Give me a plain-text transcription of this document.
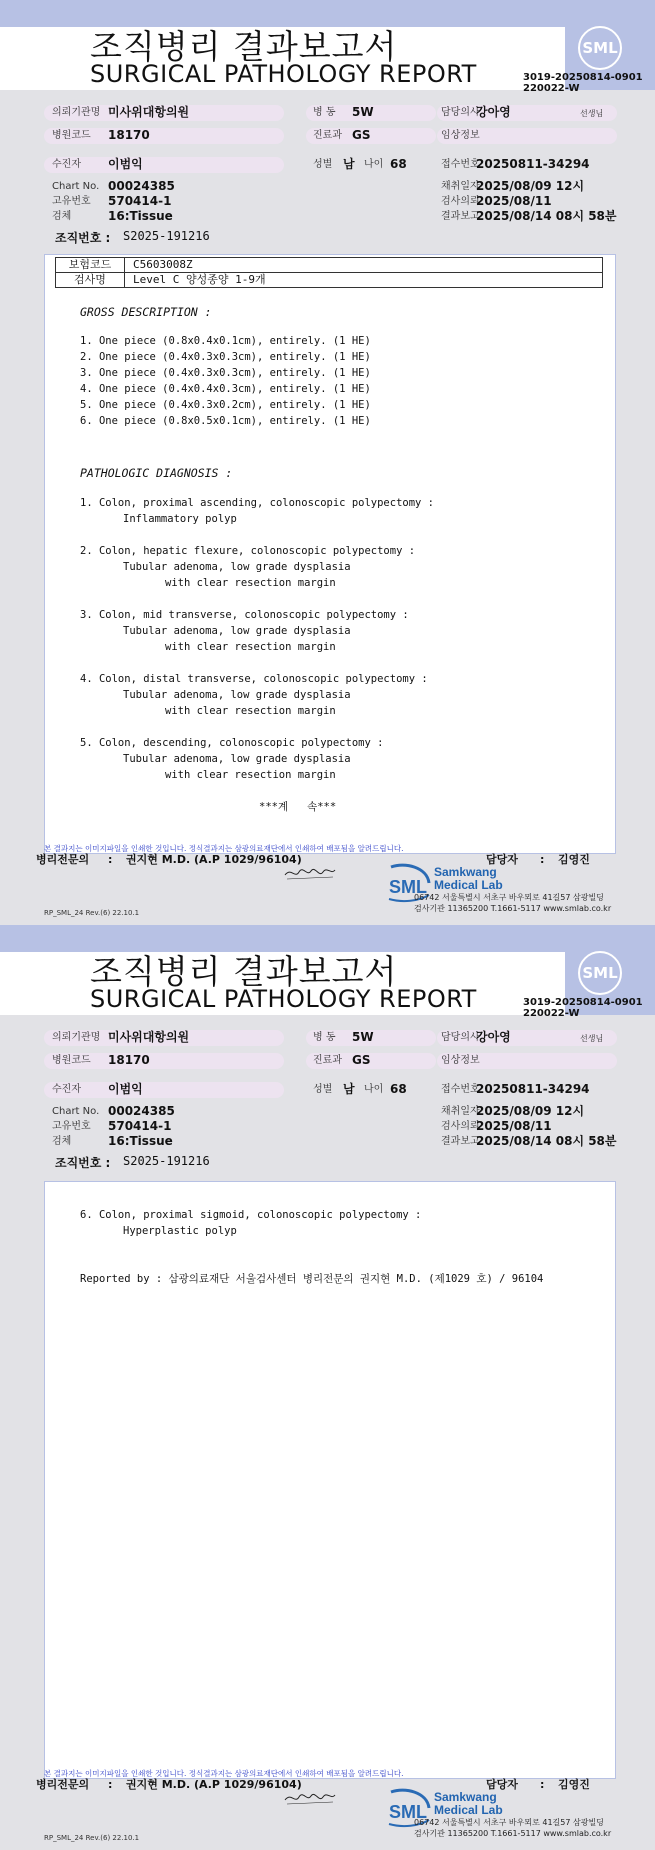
SML
조직병리 결과보고서
SURGICAL PATHOLOGY REPORT	3019-20250814-0901
220022-W
의뢰기관명 미사위대항의원
병원코드 18170
수진자 이범익
병 동 5W
진료과 GS
성별 남 나이 68
담당의사
강아영	선생님
임상정보
접수번호
20250811-34294
Chart No. 00024385
고유번호 570414-1
검체	16:Tissue
채취일자
2025/08/09 12시
검사의뢰
2025/08/11
결과보고
2025/08/14 08시 58분
조직번호 : S2025-191216
보험코드	C5603008Z
검사명	Level C 양성종양 1-9개
GROSS DESCRIPTION :
1. One piece (0.8x0.4x0.1cm), entirely. (1 HE)
2. One piece (0.4x0.3x0.3cm), entirely. (1 HE)
3. One piece (0.4x0.3x0.3cm), entirely. (1 HE)
4. One piece (0.4x0.4x0.3cm), entirely. (1 HE)
5. One piece (0.4x0.3x0.2cm), entirely. (1 HE)
6. One piece (0.8x0.5x0.1cm), entirely. (1 HE)
PATHOLOGIC DIAGNOSIS :
1. Colon, proximal ascending, colonoscopic polypectomy :
Inflammatory polyp
2. Colon, hepatic flexure, colonoscopic polypectomy :
Tubular adenoma, low grade dysplasia
with clear resection margin
3. Colon, mid transverse, colonoscopic polypectomy :
Tubular adenoma, low grade dysplasia
with clear resection margin
4. Colon, distal transverse, colonoscopic polypectomy :
Tubular adenoma, low grade dysplasia
with clear resection margin
5. Colon, descending, colonoscopic polypectomy :
Tubular adenoma, low grade dysplasia
with clear resection margin
***계   속***
본 결과지는 이미지파일을 인쇄한 것입니다. 정식결과지는 삼광의료재단에서 인쇄하여 배포됨을 알려드립니다.
병리전문의 : 권지현 M.D. (A.P 1029/96104)	담당자 : 김영진
SML
Samkwang
Medical Lab
06742 서울특별시 서초구 바우뫼로 41길57 삼광빌딩
검사기관 11365200 T.1661-5117 www.smlab.co.kr
RP_SML_24 Rev.(6) 22.10.1
SML
조직병리 결과보고서
SURGICAL PATHOLOGY REPORT	3019-20250814-0901
220022-W
의뢰기관명 미사위대항의원
병원코드 18170
수진자 이범익
병 동 5W
진료과 GS
성별 남 나이 68
담당의사
강아영	선생님
임상정보
접수번호
20250811-34294
Chart No. 00024385
고유번호 570414-1
검체	16:Tissue
채취일자
2025/08/09 12시
검사의뢰
2025/08/11
결과보고
2025/08/14 08시 58분
조직번호 : S2025-191216
6. Colon, proximal sigmoid, colonoscopic polypectomy :
Hyperplastic polyp
Reported by : 삼광의료재단 서울검사센터 병리전문의 권지현 M.D. (제1029 호) / 96104
본 결과지는 이미지파일을 인쇄한 것입니다. 정식결과지는 삼광의료재단에서 인쇄하여 배포됨을 알려드립니다.
병리전문의 : 권지현 M.D. (A.P 1029/96104)	담당자 : 김영진
SML
Samkwang
Medical Lab
06742 서울특별시 서초구 바우뫼로 41길57 삼광빌딩
검사기관 11365200 T.1661-5117 www.smlab.co.kr
RP_SML_24 Rev.(6) 22.10.1
